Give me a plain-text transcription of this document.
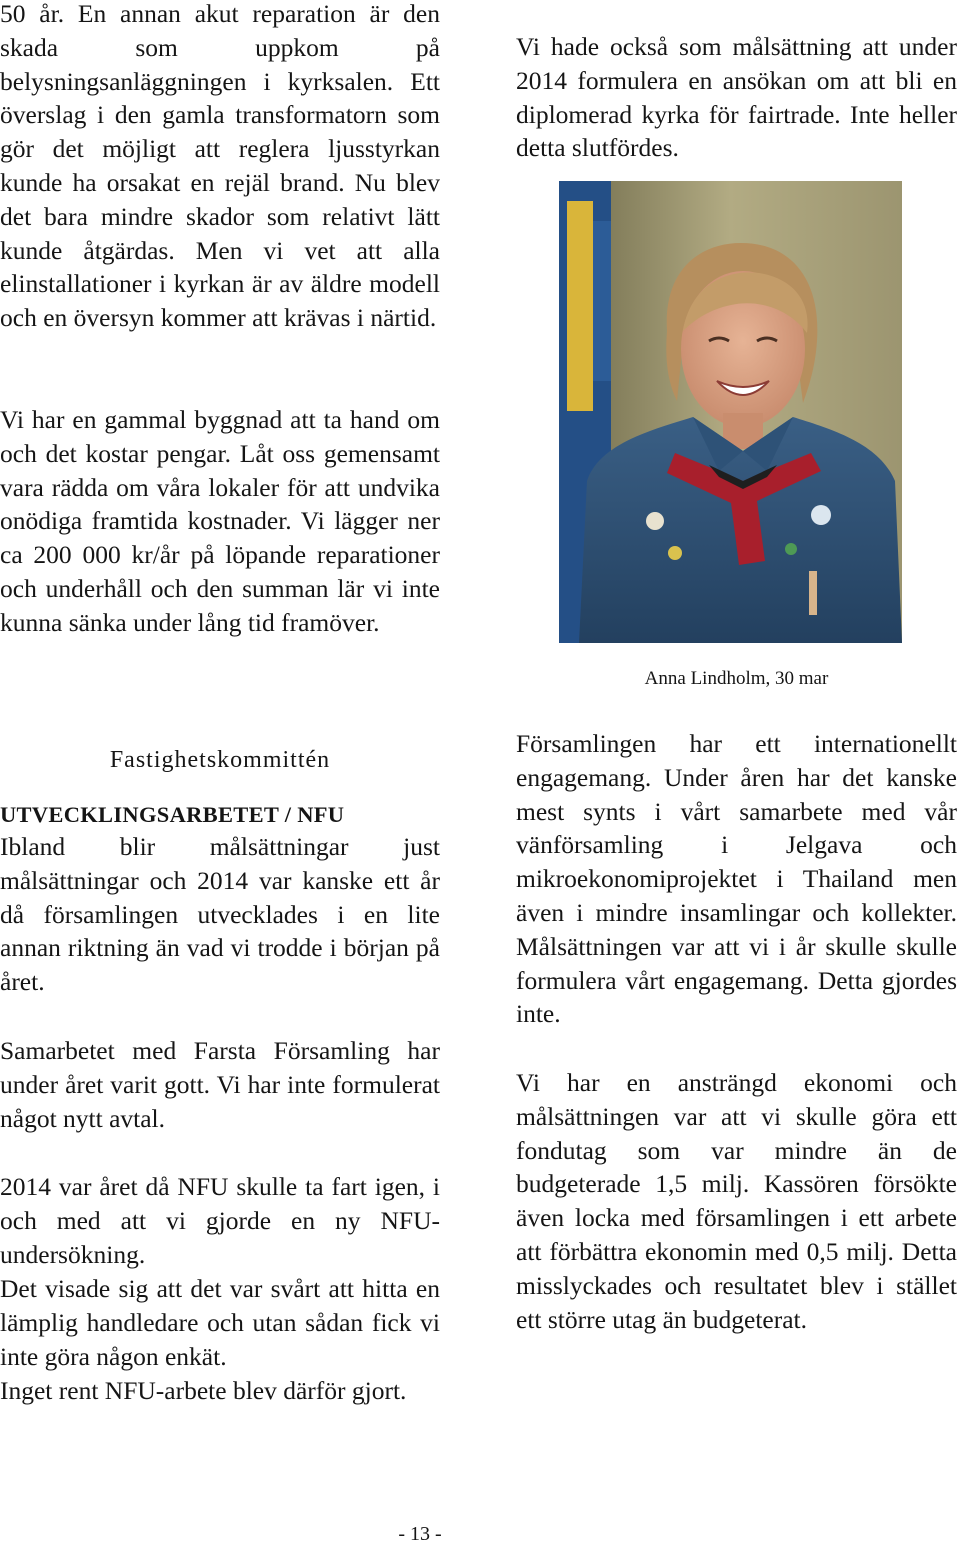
50 år. En annan akut reparation är den skada som uppkom på belysningsanläggningen i kyrksalen. Ett överslag i den gamla transformatorn som gör det möjligt att reglera ljusstyrkan kunde ha orsakat en rejäl brand. Nu blev det bara mindre skador som relativt lätt kunde åtgärdas. Men vi vet att alla elinstallationer i kyrkan är av äldre modell och en översyn kommer att krävas i närtid.

Vi har en gammal byggnad att ta hand om och det kostar pengar. Låt oss gemensamt vara rädda om våra lokaler för att undvika onödiga framtida kostnader. Vi lägger ner ca 200 000 kr/år på löpande reparationer och underhåll och den summan lär vi inte kunna sänka under lång tid framöver.

Fastighetskommittén

UTVECKLINGSARBETET / NFU

Ibland blir målsättningar just målsättningar och 2014 var kanske ett år då församlingen utvecklades i en lite annan riktning än vad vi trodde i början på året.

Samarbetet med Farsta Församling har under året varit gott. Vi har inte formulerat något nytt avtal.

2014 var året då NFU skulle ta fart igen, i och med att vi gjorde en ny NFU-undersökning.

Det visade sig att det var svårt att hitta en lämplig handledare och utan sådan fick vi inte göra någon enkät.

Inget rent NFU-arbete blev därför gjort.

Vi hade också som målsättning att under 2014 formulera en ansökan om att bli en diplomerad kyrka för fairtrade. Inte heller detta slutfördes.

Församlingen har ett internationellt engagemang. Under åren har det kanske mest synts i vårt samarbete med vår vänförsamling i Jelgava och mikroekonomiprojektet i Thailand men även i mindre insamlingar och kollekter. Målsättningen var att vi i år skulle skulle formulera vårt engagemang. Detta gjordes inte.

Vi har en ansträngd ekonomi och målsättningen var att vi skulle göra ett fondutag som var mindre än de budgeterade 1,5 milj. Kassören försökte även locka med församlingen i ett arbete att förbättra ekonomin med 0,5 milj. Detta misslyckades och resultatet blev i stället ett större utag än budgeterat.

Anna Lindholm, 30 mar

- 13 -
